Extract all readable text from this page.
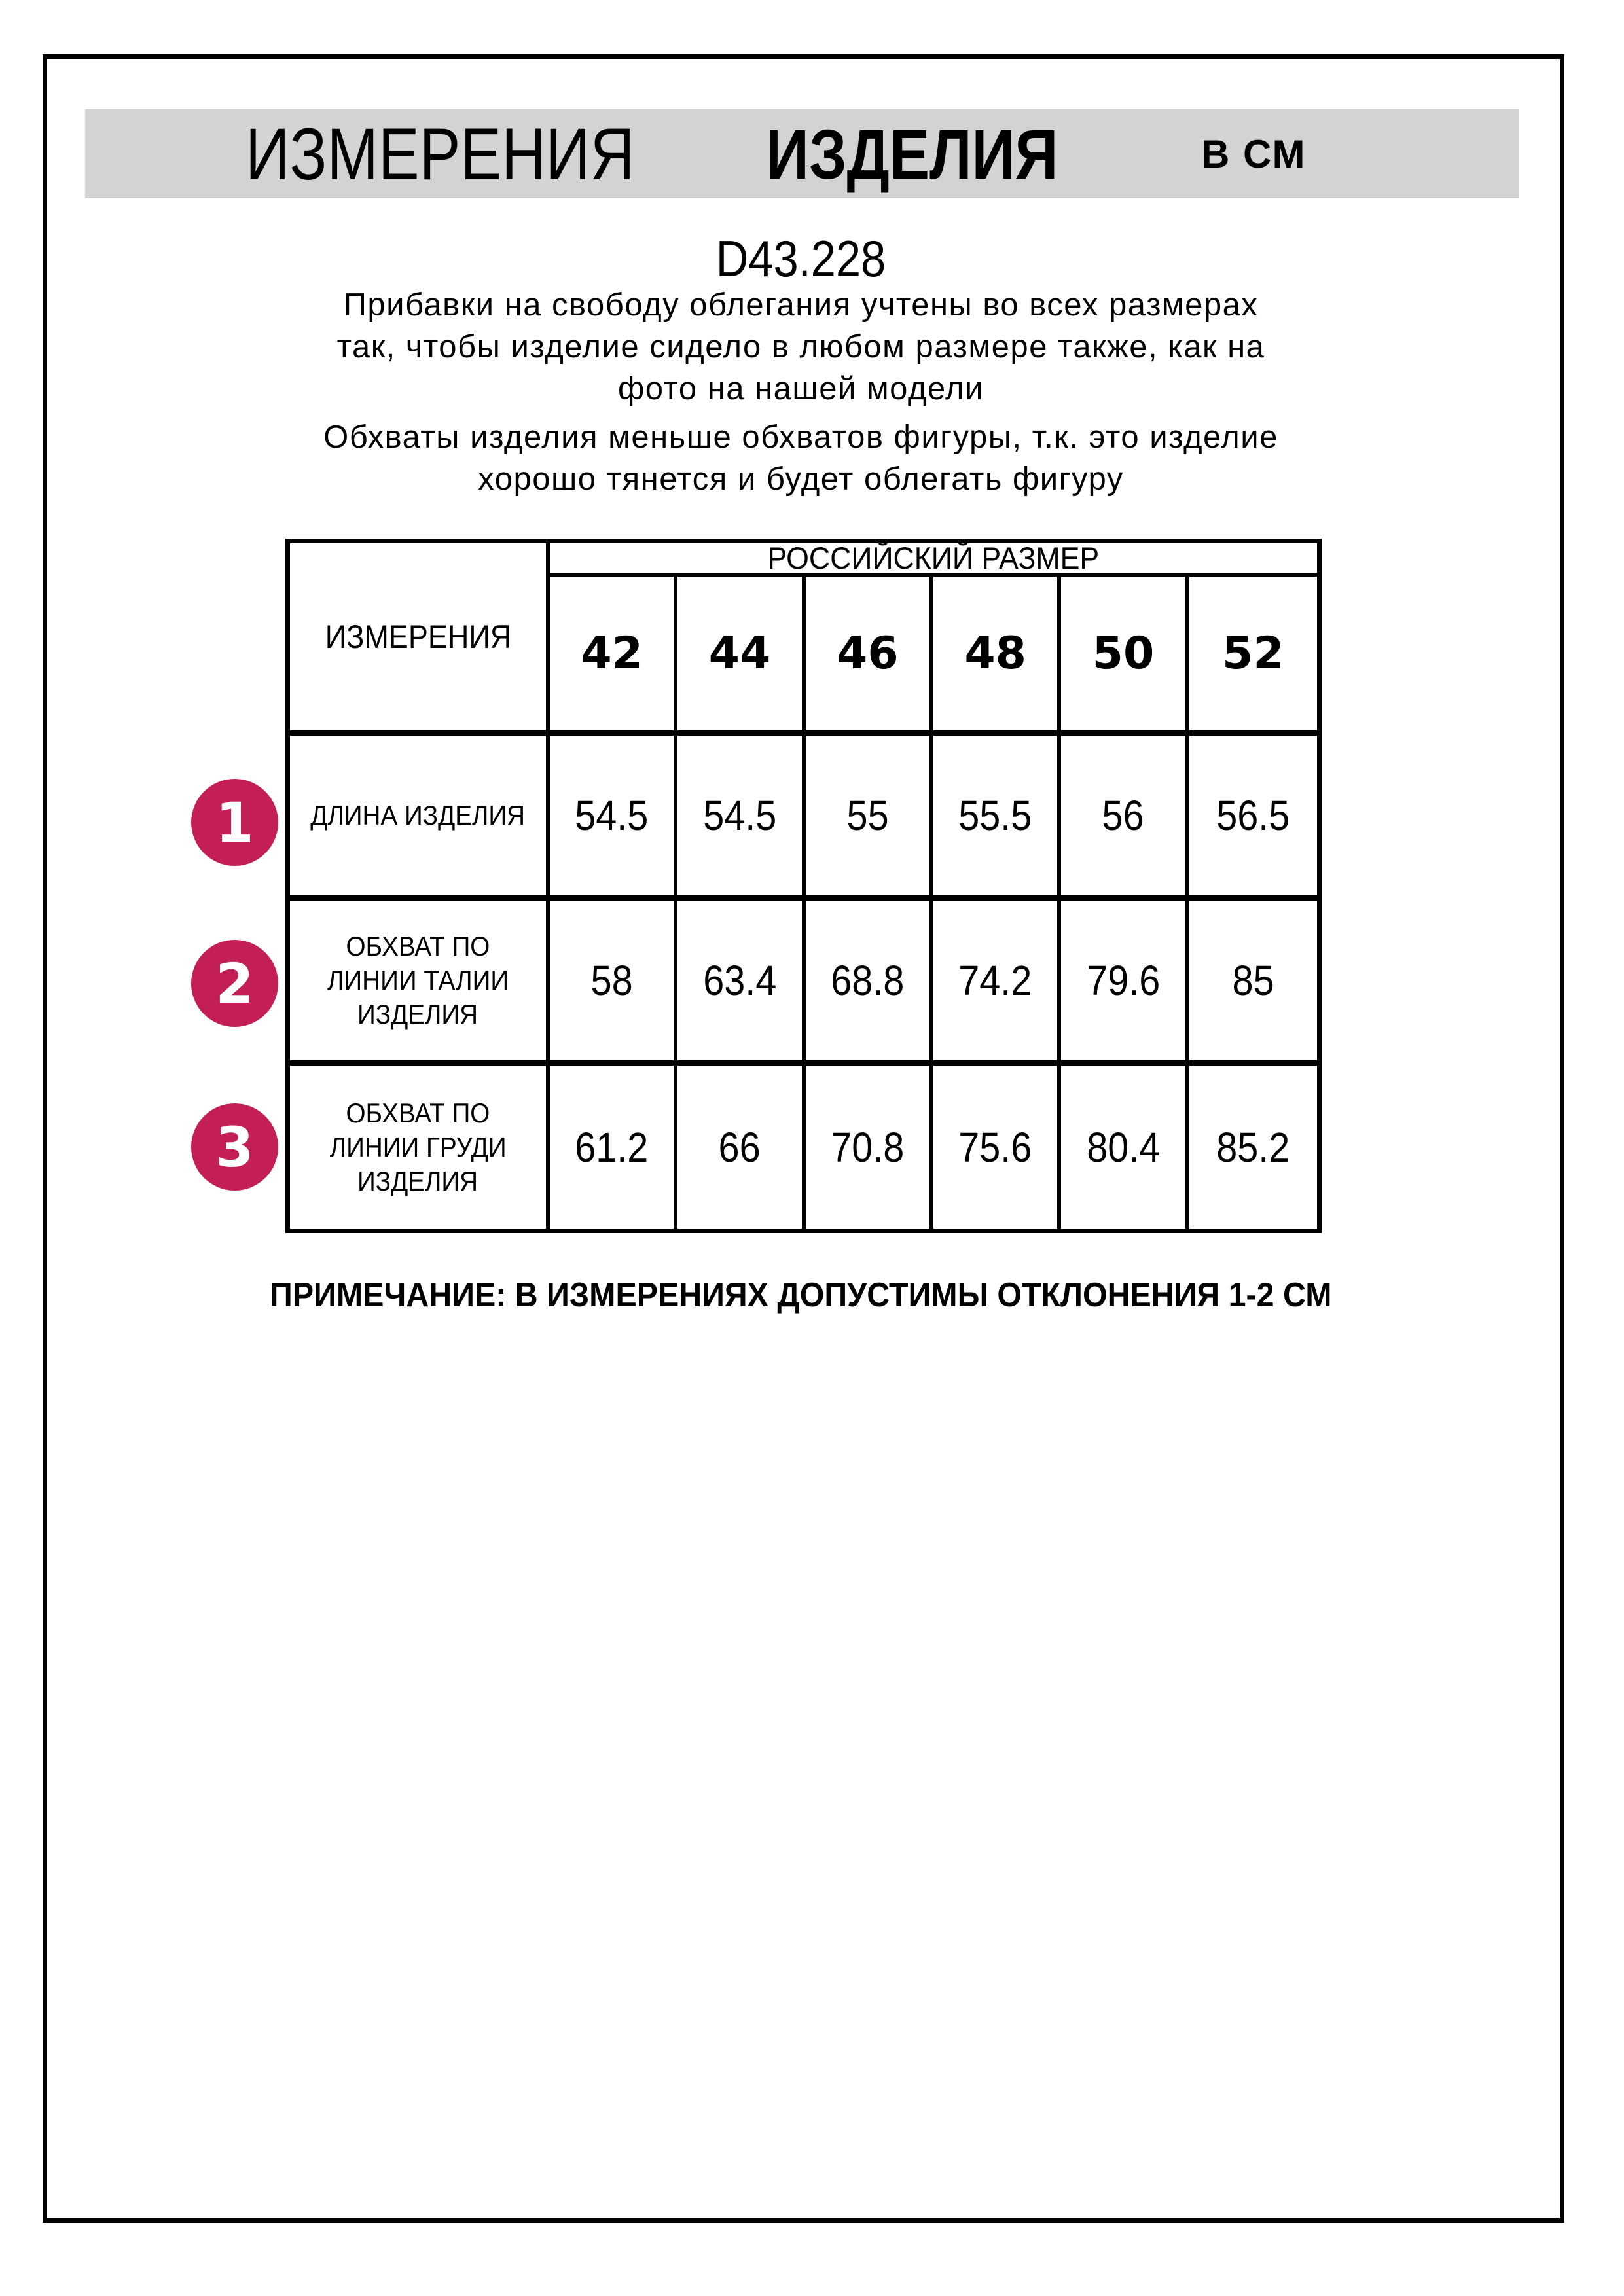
ИЗМЕРЕНИЯ ИЗДЕЛИЯ	В СМ
D43.228
Прибавки на свободу облегания учтены во всех размерах
так, чтобы изделие сидело в любом размере также, как на
фото на нашей модели
Обхваты изделия меньше обхватов фигуры, т.к. это изделие
хорошо тянется и будет облегать фигуру
ИЗМЕРЕНИЯ
РОССИЙСКИЙ РАЗМЕР
42	44	46	48	50	52
ДЛИНА ИЗДЕЛИЯ 54.5 54.5 55 55.5 56 56.5
ОБХВАТ ПО
ЛИНИИ ТАЛИИ
ИЗДЕЛИЯ
58 63.4 68.8 74.2 79.6 85
ОБХВАТ ПО
ЛИНИИ ГРУДИ
ИЗДЕЛИЯ
61.2 66 70.8 75.6 80.4 85.2
1
2
3
ПРИМЕЧАНИЕ: В ИЗМЕРЕНИЯХ ДОПУСТИМЫ ОТКЛОНЕНИЯ 1-2 СМ
